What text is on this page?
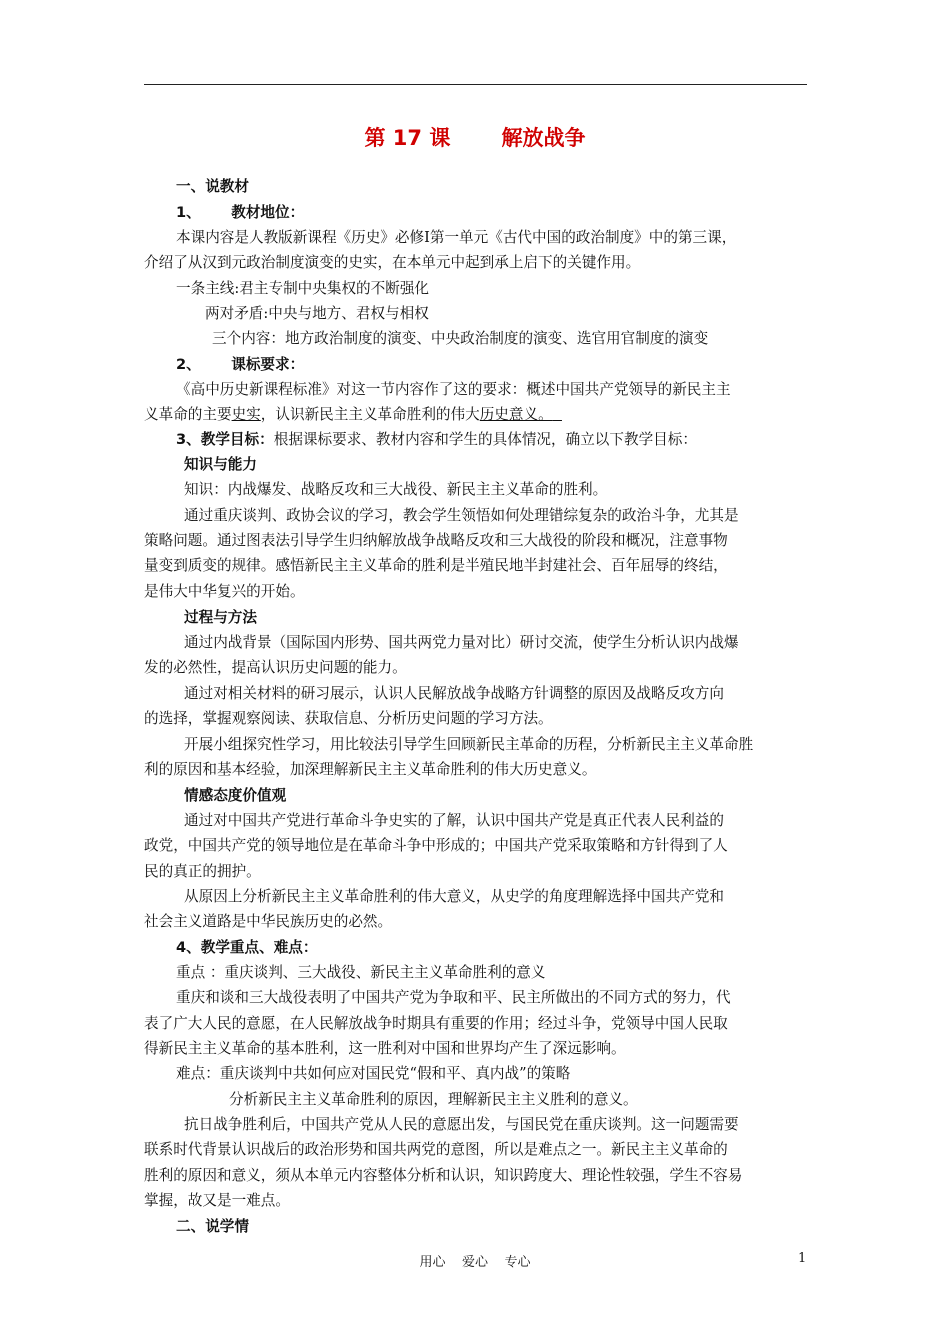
第 17 课       解放战争
一、说教材
1、      教材地位：
本课内容是人教版新课程《历史》必修Ⅰ第一单元《古代中国的政治制度》中的第三课，
介绍了从汉到元政治制度演变的史实，在本单元中起到承上启下的关键作用。
一条主线:君主专制中央集权的不断强化
两对矛盾:中央与地方、君权与相权
三个内容：地方政治制度的演变、中央政治制度的演变、选官用官制度的演变
2、      课标要求：
《高中历史新课程标准》对这一节内容作了这的要求：概述中国共产党领导的新民主主
义革命的主要史实，认识新民主主义革命胜利的伟大历史意义。
3、教学目标：根据课标要求、教材内容和学生的具体情况，确立以下教学目标：
知识与能力
知识：内战爆发、战略反攻和三大战役、新民主主义革命的胜利。
通过重庆谈判、政协会议的学习，教会学生领悟如何处理错综复杂的政治斗争，尤其是
策略问题。通过图表法引导学生归纳解放战争战略反攻和三大战役的阶段和概况，注意事物
量变到质变的规律。感悟新民主主义革命的胜利是半殖民地半封建社会、百年屈辱的终结，
是伟大中华复兴的开始。
过程与方法
通过内战背景（国际国内形势、国共两党力量对比）研讨交流，使学生分析认识内战爆
发的必然性，提高认识历史问题的能力。
通过对相关材料的研习展示，认识人民解放战争战略方针调整的原因及战略反攻方向
的选择，掌握观察阅读、获取信息、分析历史问题的学习方法。
开展小组探究性学习，用比较法引导学生回顾新民主革命的历程，分析新民主主义革命胜
利的原因和基本经验，加深理解新民主主义革命胜利的伟大历史意义。
情感态度价值观
通过对中国共产党进行革命斗争史实的了解，认识中国共产党是真正代表人民利益的
政党，中国共产党的领导地位是在革命斗争中形成的；中国共产党采取策略和方针得到了人
民的真正的拥护。
从原因上分析新民主主义革命胜利的伟大意义，从史学的角度理解选择中国共产党和
社会主义道路是中华民族历史的必然。
4、教学重点、难点：
重点 ：重庆谈判、三大战役、新民主主义革命胜利的意义
重庆和谈和三大战役表明了中国共产党为争取和平、民主所做出的不同方式的努力，代
表了广大人民的意愿，在人民解放战争时期具有重要的作用；经过斗争，党领导中国人民取
得新民主主义革命的基本胜利，这一胜利对中国和世界均产生了深远影响。
难点：重庆谈判中共如何应对国民党“假和平、真内战”的策略
分析新民主主义革命胜利的原因，理解新民主主义胜利的意义。
抗日战争胜利后，中国共产党从人民的意愿出发，与国民党在重庆谈判。这一问题需要
联系时代背景认识战后的政治形势和国共两党的意图，所以是难点之一。新民主主义革命的
胜利的原因和意义，须从本单元内容整体分析和认识，知识跨度大、理论性较强，学生不容易
掌握，故又是一难点。
二、说学情
用心    爱心    专心	1
